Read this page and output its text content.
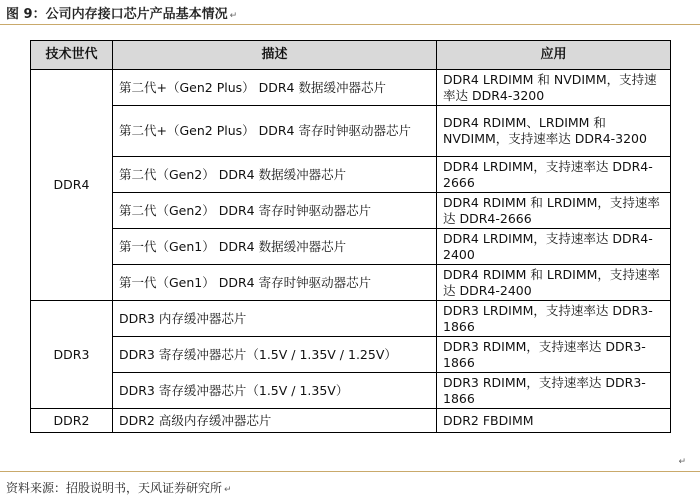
图 9：公司内存接口芯片产品基本情况 ↵
技术世代	描述	应用
DDR4	第二代+（Gen2 Plus） DDR4 数据缓冲器芯片	DDR4 LRDIMM 和 NVDIMM，支持速率达 DDR4-3200
	第二代+（Gen2 Plus） DDR4 寄存时钟驱动器芯片	DDR4 RDIMM、LRDIMM 和 NVDIMM，支持速率达 DDR4-3200
	第二代（Gen2） DDR4 数据缓冲器芯片	DDR4 LRDIMM，支持速率达 DDR4-2666
	第二代（Gen2） DDR4 寄存时钟驱动器芯片	DDR4 RDIMM 和 LRDIMM，支持速率达 DDR4-2666
	第一代（Gen1） DDR4 数据缓冲器芯片	DDR4 LRDIMM，支持速率达 DDR4-2400
	第一代（Gen1） DDR4 寄存时钟驱动器芯片	DDR4 RDIMM 和 LRDIMM，支持速率达 DDR4-2400
DDR3	DDR3 内存缓冲器芯片	DDR3 LRDIMM，支持速率达 DDR3-1866
	DDR3 寄存缓冲器芯片（1.5V / 1.35V / 1.25V）	DDR3 RDIMM，支持速率达 DDR3-1866
	DDR3 寄存缓冲器芯片（1.5V / 1.35V）	DDR3 RDIMM，支持速率达 DDR3-1866
DDR2	DDR2 高级内存缓冲器芯片	DDR2 FBDIMM
↵
资料来源：招股说明书，天风证券研究所 ↵
